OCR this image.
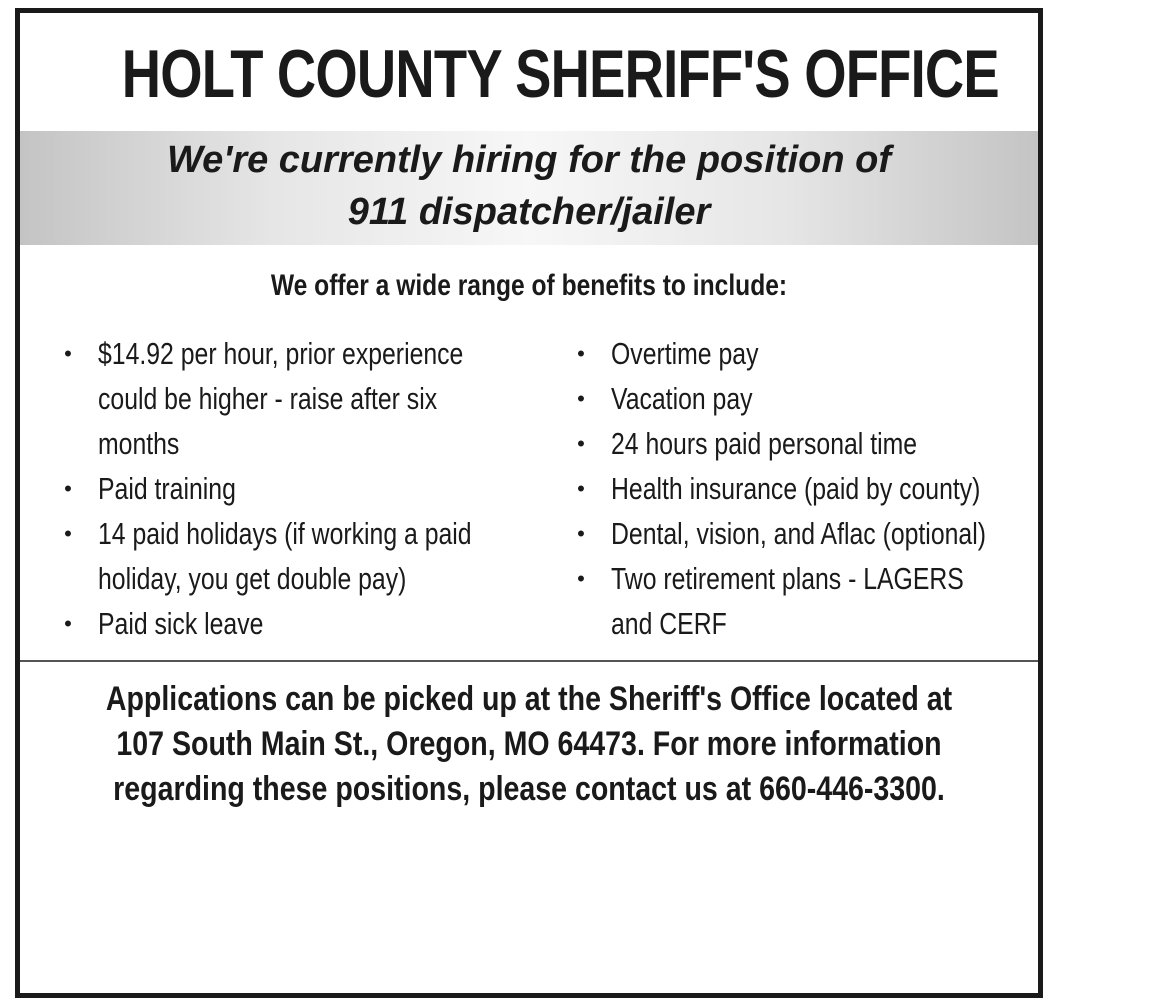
HOLT COUNTY SHERIFF'S OFFICE
We're currently hiring for the position of
911 dispatcher/jailer
We offer a wide range of benefits to include:
• $14.92 per hour, prior experience
could be higher - raise after six
months
• Paid training
• 14 paid holidays (if working a paid
holiday, you get double pay)
• Paid sick leave
• Overtime pay
• Vacation pay
• 24 hours paid personal time
• Health insurance (paid by county)
• Dental, vision, and Aflac (optional)
• Two retirement plans - LAGERS
and CERF
Applications can be picked up at the Sheriff's Office located at
107 South Main St., Oregon, MO 64473. For more information
regarding these positions, please contact us at 660-446-3300.
